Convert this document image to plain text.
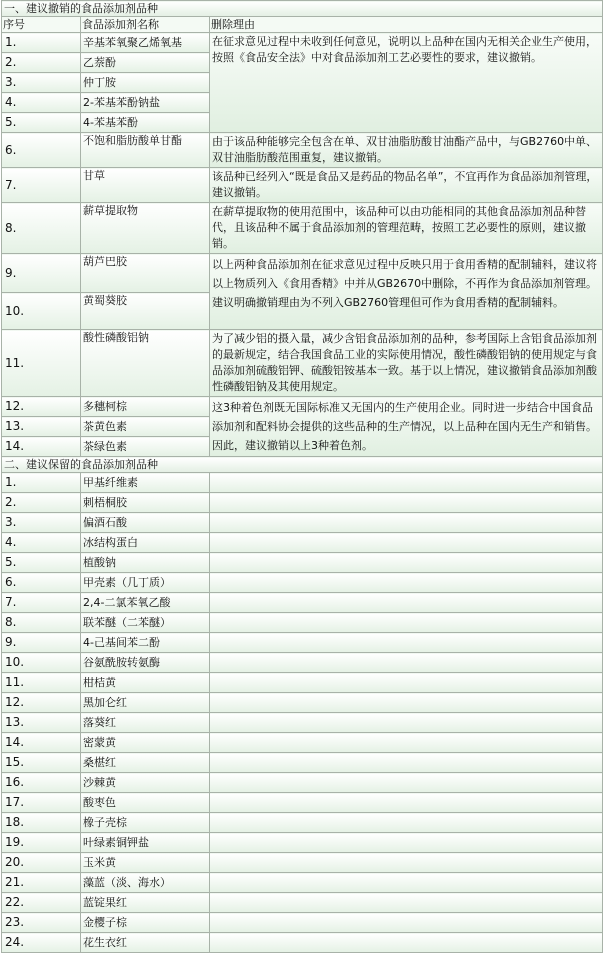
一、建议撤销的食品添加剂品种		
序号	食品添加剂名称	删除理由
1.	辛基苯氧聚乙烯氧基	在征求意见过程中未收到任何意见，说明以上品种在国内无相关企业生产使用，按照《食品安全法》中对食品添加剂工艺必要性的要求，建议撤销。
2.	乙萘酚	
3.	仲丁胺	
4.	2-苯基苯酚钠盐	
5.	4-苯基苯酚	
6.	不饱和脂肪酸单甘酯	由于该品种能够完全包含在单、双甘油脂肪酸甘油酯产品中，与GB2760中单、双甘油脂肪酸范围重复，建议撤销。
7.	甘草	该品种已经列入“既是食品又是药品的物品名单”，不宜再作为食品添加剂管理，建议撤销。
8.	薪草提取物	在薪草提取物的使用范围中，该品种可以由功能相同的其他食品添加剂品种替代，且该品种不属于食品添加剂的管理范畴，按照工艺必要性的原则，建议撤销。
9.	葫芦巴胶	以上两种食品添加剂在征求意见过程中反映只用于食用香精的配制辅料，建议将以上物质列入《食用香精》中并从GB2670中删除，不再作为食品添加剂管理。建议明确撤销理由为不列入GB2760管理但可作为食用香精的配制辅料。
10.	黄蜀葵胶	
11.	酸性磷酸铝钠	为了减少铝的摄入量，减少含铝食品添加剂的品种，参考国际上含铝食品添加剂的最新规定，结合我国食品工业的实际使用情况，酸性磷酸铝钠的使用规定与食品添加剂硫酸铝钾、硫酸铝铵基本一致。基于以上情况，建议撤销食品添加剂酸性磷酸铝钠及其使用规定。
12.	多穗柯棕	这3种着色剂既无国际标准又无国内的生产使用企业。同时进一步结合中国食品添加剂和配料协会提供的这些品种的生产情况，以上品种在国内无生产和销售。因此，建议撤销以上3种着色剂。
13.	茶黄色素	
14.	茶绿色素	
二、建议保留的食品添加剂品种		
1.	甲基纤维素	
2.	刺梧桐胶	
3.	偏酒石酸	
4.	冰结构蛋白	
5.	植酸钠	
6.	甲壳素（几丁质）	
7.	2,4-二氯苯氧乙酸	
8.	联苯醚（二苯醚）	
9.	4-己基间苯二酚	
10.	谷氨酰胺转氨酶	
11.	柑桔黄	
12.	黑加仑红	
13.	落葵红	
14.	密蒙黄	
15.	桑椹红	
16.	沙棘黄	
17.	酸枣色	
18.	橡子壳棕	
19.	叶绿素铜钾盐	
20.	玉米黄	
21.	藻蓝（淡、海水）	
22.	蓝锭果红	
23.	金樱子棕	
24.	花生衣红	
